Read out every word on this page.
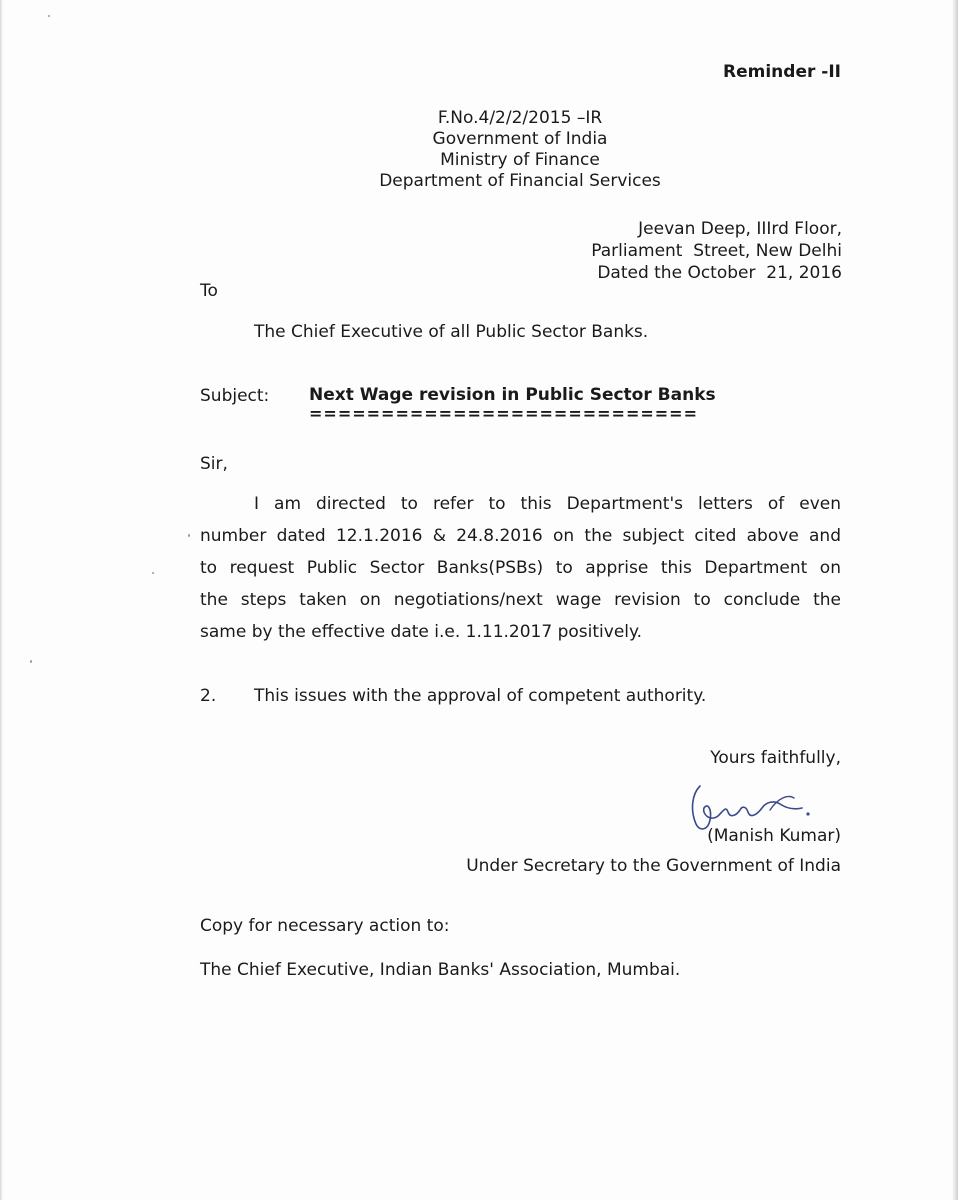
Reminder -II
F.No.4/2/2/2015 –IR
Government of India
Ministry of Finance
Department of Financial Services
Jeevan Deep, IIIrd Floor,
Parliament  Street, New Delhi
Dated the October  21, 2016
To
The Chief Executive of all Public Sector Banks.
Subject: Next Wage revision in Public Sector Banks
===========================
Sir,
I am directed to refer to this Department's letters of even
number dated 12.1.2016 & 24.8.2016 on the subject cited above and
to request Public Sector Banks(PSBs) to apprise this Department on
the steps taken on negotiations/next wage revision to conclude the
same by the effective date i.e. 1.11.2017 positively.
2. This issues with the approval of competent authority.
Yours faithfully,
(Manish Kumar)
Under Secretary to the Government of India
Copy for necessary action to:
The Chief Executive, Indian Banks' Association, Mumbai.
